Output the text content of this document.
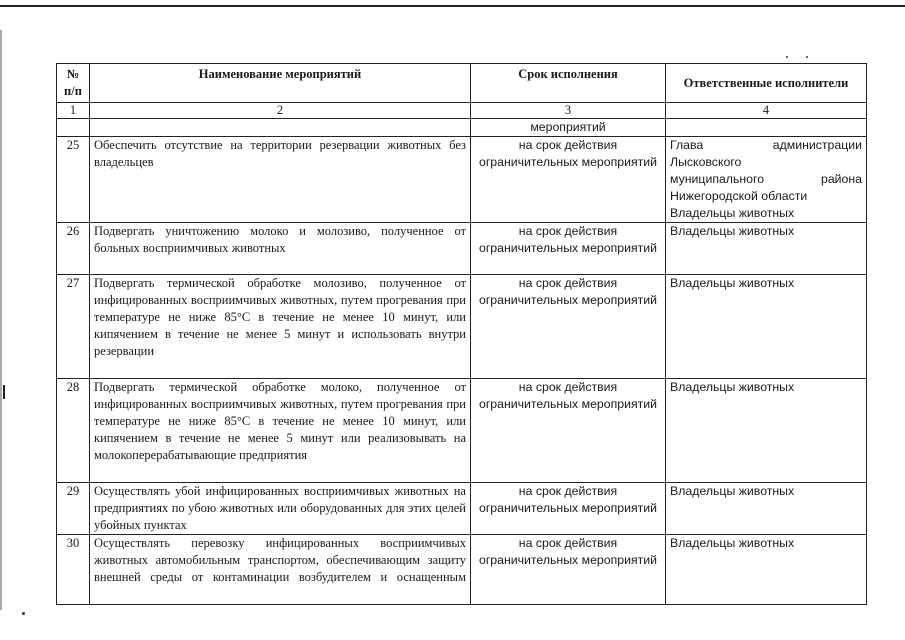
№ п/п	Наименование мероприятий	Срок исполнения	Ответственные исполнители
1	2	3	4
		мероприятий	
25	Обеспечить отсутствие на территории резервации животных без владельцев	на срок действия ограничительных мероприятий	Глава администрации Лысковского
муниципального района
Нижегородской области
Владельцы животных

26	Подвергать уничтожению молоко и молозиво, полученное от больных восприимчивых животных	на срок действия ограничительных мероприятий	Владельцы животных
27	Подвергать термической обработке молозиво, полученное от инфицированных восприимчивых животных, путем прогревания при температуре не ниже 85°С в течение не менее 10 минут, или кипячением в течение не менее 5 минут и использовать внутри резервации	на срок действия ограничительных мероприятий	Владельцы животных
28	Подвергать термической обработке молоко, полученное от инфицированных восприимчивых животных, путем прогревания при температуре не ниже 85°С в течение не менее 10 минут, или кипячением в течение не менее 5 минут или реализовывать на молокоперерабатывающие предприятия	на срок действия ограничительных мероприятий	Владельцы животных
29	Осуществлять убой инфицированных восприимчивых животных на предприятиях по убою животных или оборудованных для этих целей убойных пунктах	на срок действия ограничительных мероприятий	Владельцы животных
30	Осуществлять перевозку инфицированных восприимчивых животных автомобильным транспортом, обеспечивающим защиту внешней среды от контаминации возбудителем и оснащенным	на срок действия ограничительных мероприятий	Владельцы животных
